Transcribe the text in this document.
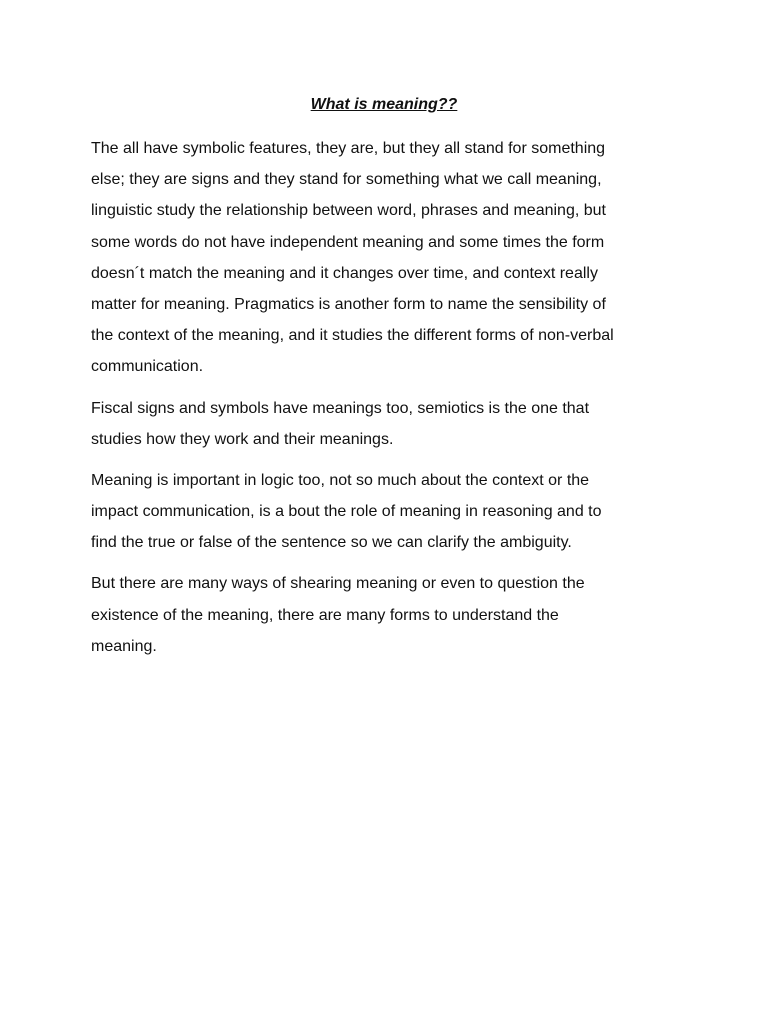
What is meaning??

The all have symbolic features, they are, but they all stand for something
else; they are signs and they stand for something what we call meaning,
linguistic study the relationship between word, phrases and meaning, but
some words do not have independent meaning and some times the form
doesn´t match the meaning and it changes over time, and context really
matter for meaning. Pragmatics is another form to name the sensibility of
the context of the meaning, and it studies the different forms of non-verbal
communication.

Fiscal signs and symbols have meanings too, semiotics is the one that
studies how they work and their meanings.

Meaning is important in logic too, not so much about the context or the
impact communication, is a bout the role of meaning in reasoning and to
find the true or false of the sentence so we can clarify the ambiguity.

But there are many ways of shearing meaning or even to question the
existence of the meaning, there are many forms to understand the
meaning.
